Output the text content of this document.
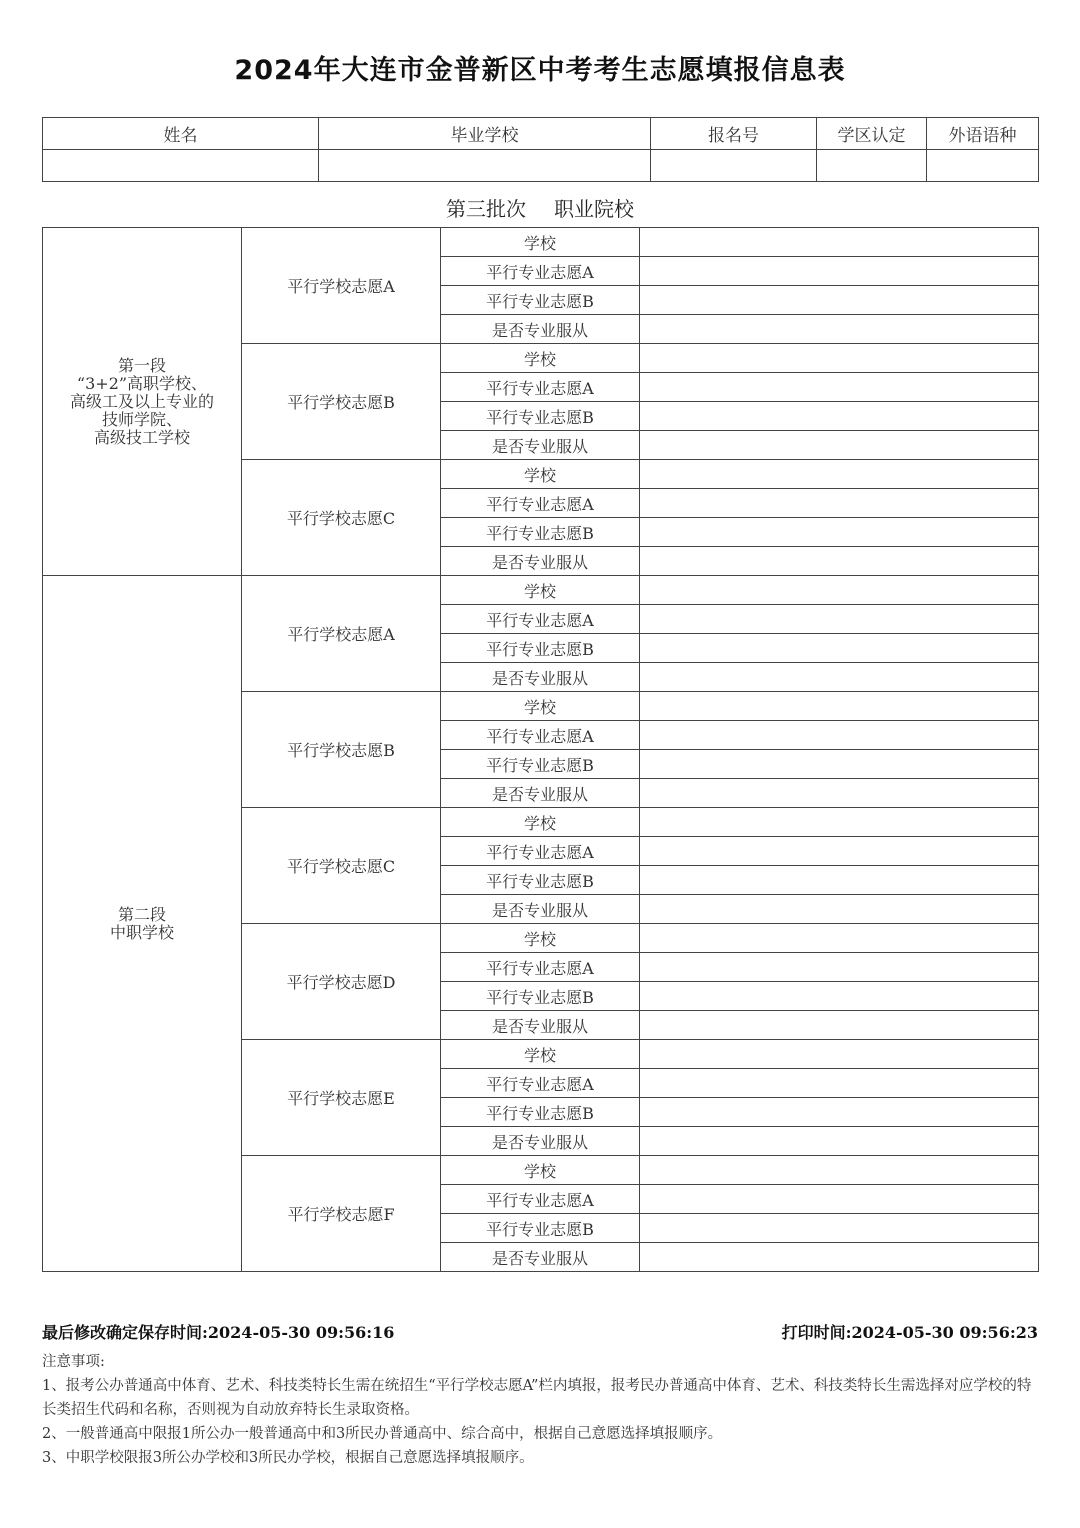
2024年大连市金普新区中考考生志愿填报信息表
姓名	毕业学校	报名号	学区认定	外语语种

第三批次 职业院校
第一段
“3+2”高职学校、
高级工及以上专业的
技师学院、
高级技工学校	平行学校志愿A	学校	
		平行专业志愿A	
		平行专业志愿B	
		是否专业服从	
	平行学校志愿B	学校	
		平行专业志愿A	
		平行专业志愿B	
		是否专业服从	
	平行学校志愿C	学校	
		平行专业志愿A	
		平行专业志愿B	
		是否专业服从	

第二段
中职学校	平行学校志愿A	学校	
		平行专业志愿A	
		平行专业志愿B	
		是否专业服从	
	平行学校志愿B	学校	
		平行专业志愿A	
		平行专业志愿B	
		是否专业服从	
	平行学校志愿C	学校	
		平行专业志愿A	
		平行专业志愿B	
		是否专业服从	
	平行学校志愿D	学校	
		平行专业志愿A	
		平行专业志愿B	
		是否专业服从	
	平行学校志愿E	学校	
		平行专业志愿A	
		平行专业志愿B	
		是否专业服从	
	平行学校志愿F	学校	
		平行专业志愿A	
		平行专业志愿B	
		是否专业服从	
最后修改确定保存时间:2024-05-30 09:56:16	打印时间:2024-05-30 09:56:23
注意事项:
1、报考公办普通高中体育、艺术、科技类特长生需在统招生“平行学校志愿A”栏内填报，报考民办普通高中体育、艺术、科技类特长生需选择对应学校的特长类招生代码和名称，否则视为自动放弃特长生录取资格。
2、一般普通高中限报1所公办一般普通高中和3所民办普通高中、综合高中，根据自己意愿选择填报顺序。
3、中职学校限报3所公办学校和3所民办学校，根据自己意愿选择填报顺序。
